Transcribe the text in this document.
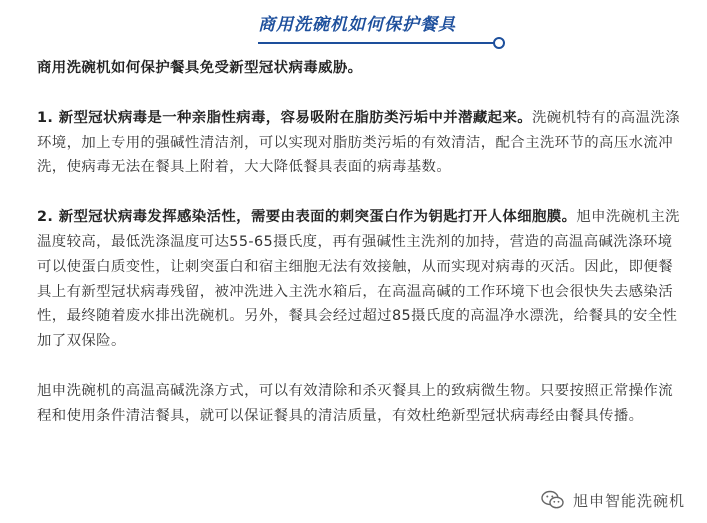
商用洗碗机如何保护餐具

商用洗碗机如何保护餐具免受新型冠状病毒威胁。

1. 新型冠状病毒是一种亲脂性病毒，容易吸附在脂肪类污垢中并潜藏起来。洗碗机特有的高温洗涤环境，加上专用的强碱性清洁剂，可以实现对脂肪类污垢的有效清洁，配合主洗环节的高压水流冲洗，使病毒无法在餐具上附着，大大降低餐具表面的病毒基数。

2. 新型冠状病毒发挥感染活性，需要由表面的刺突蛋白作为钥匙打开人体细胞膜。旭申洗碗机主洗温度较高，最低洗涤温度可达55-65摄氏度，再有强碱性主洗剂的加持，营造的高温高碱洗涤环境可以使蛋白质变性，让刺突蛋白和宿主细胞无法有效接触，从而实现对病毒的灭活。因此，即便餐具上有新型冠状病毒残留，被冲洗进入主洗水箱后，在高温高碱的工作环境下也会很快失去感染活性，最终随着废水排出洗碗机。另外，餐具会经过超过85摄氏度的高温净水漂洗，给餐具的安全性加了双保险。

旭申洗碗机的高温高碱洗涤方式，可以有效清除和杀灭餐具上的致病微生物。只要按照正常操作流程和使用条件清洁餐具，就可以保证餐具的清洁质量，有效杜绝新型冠状病毒经由餐具传播。

旭申智能洗碗机
